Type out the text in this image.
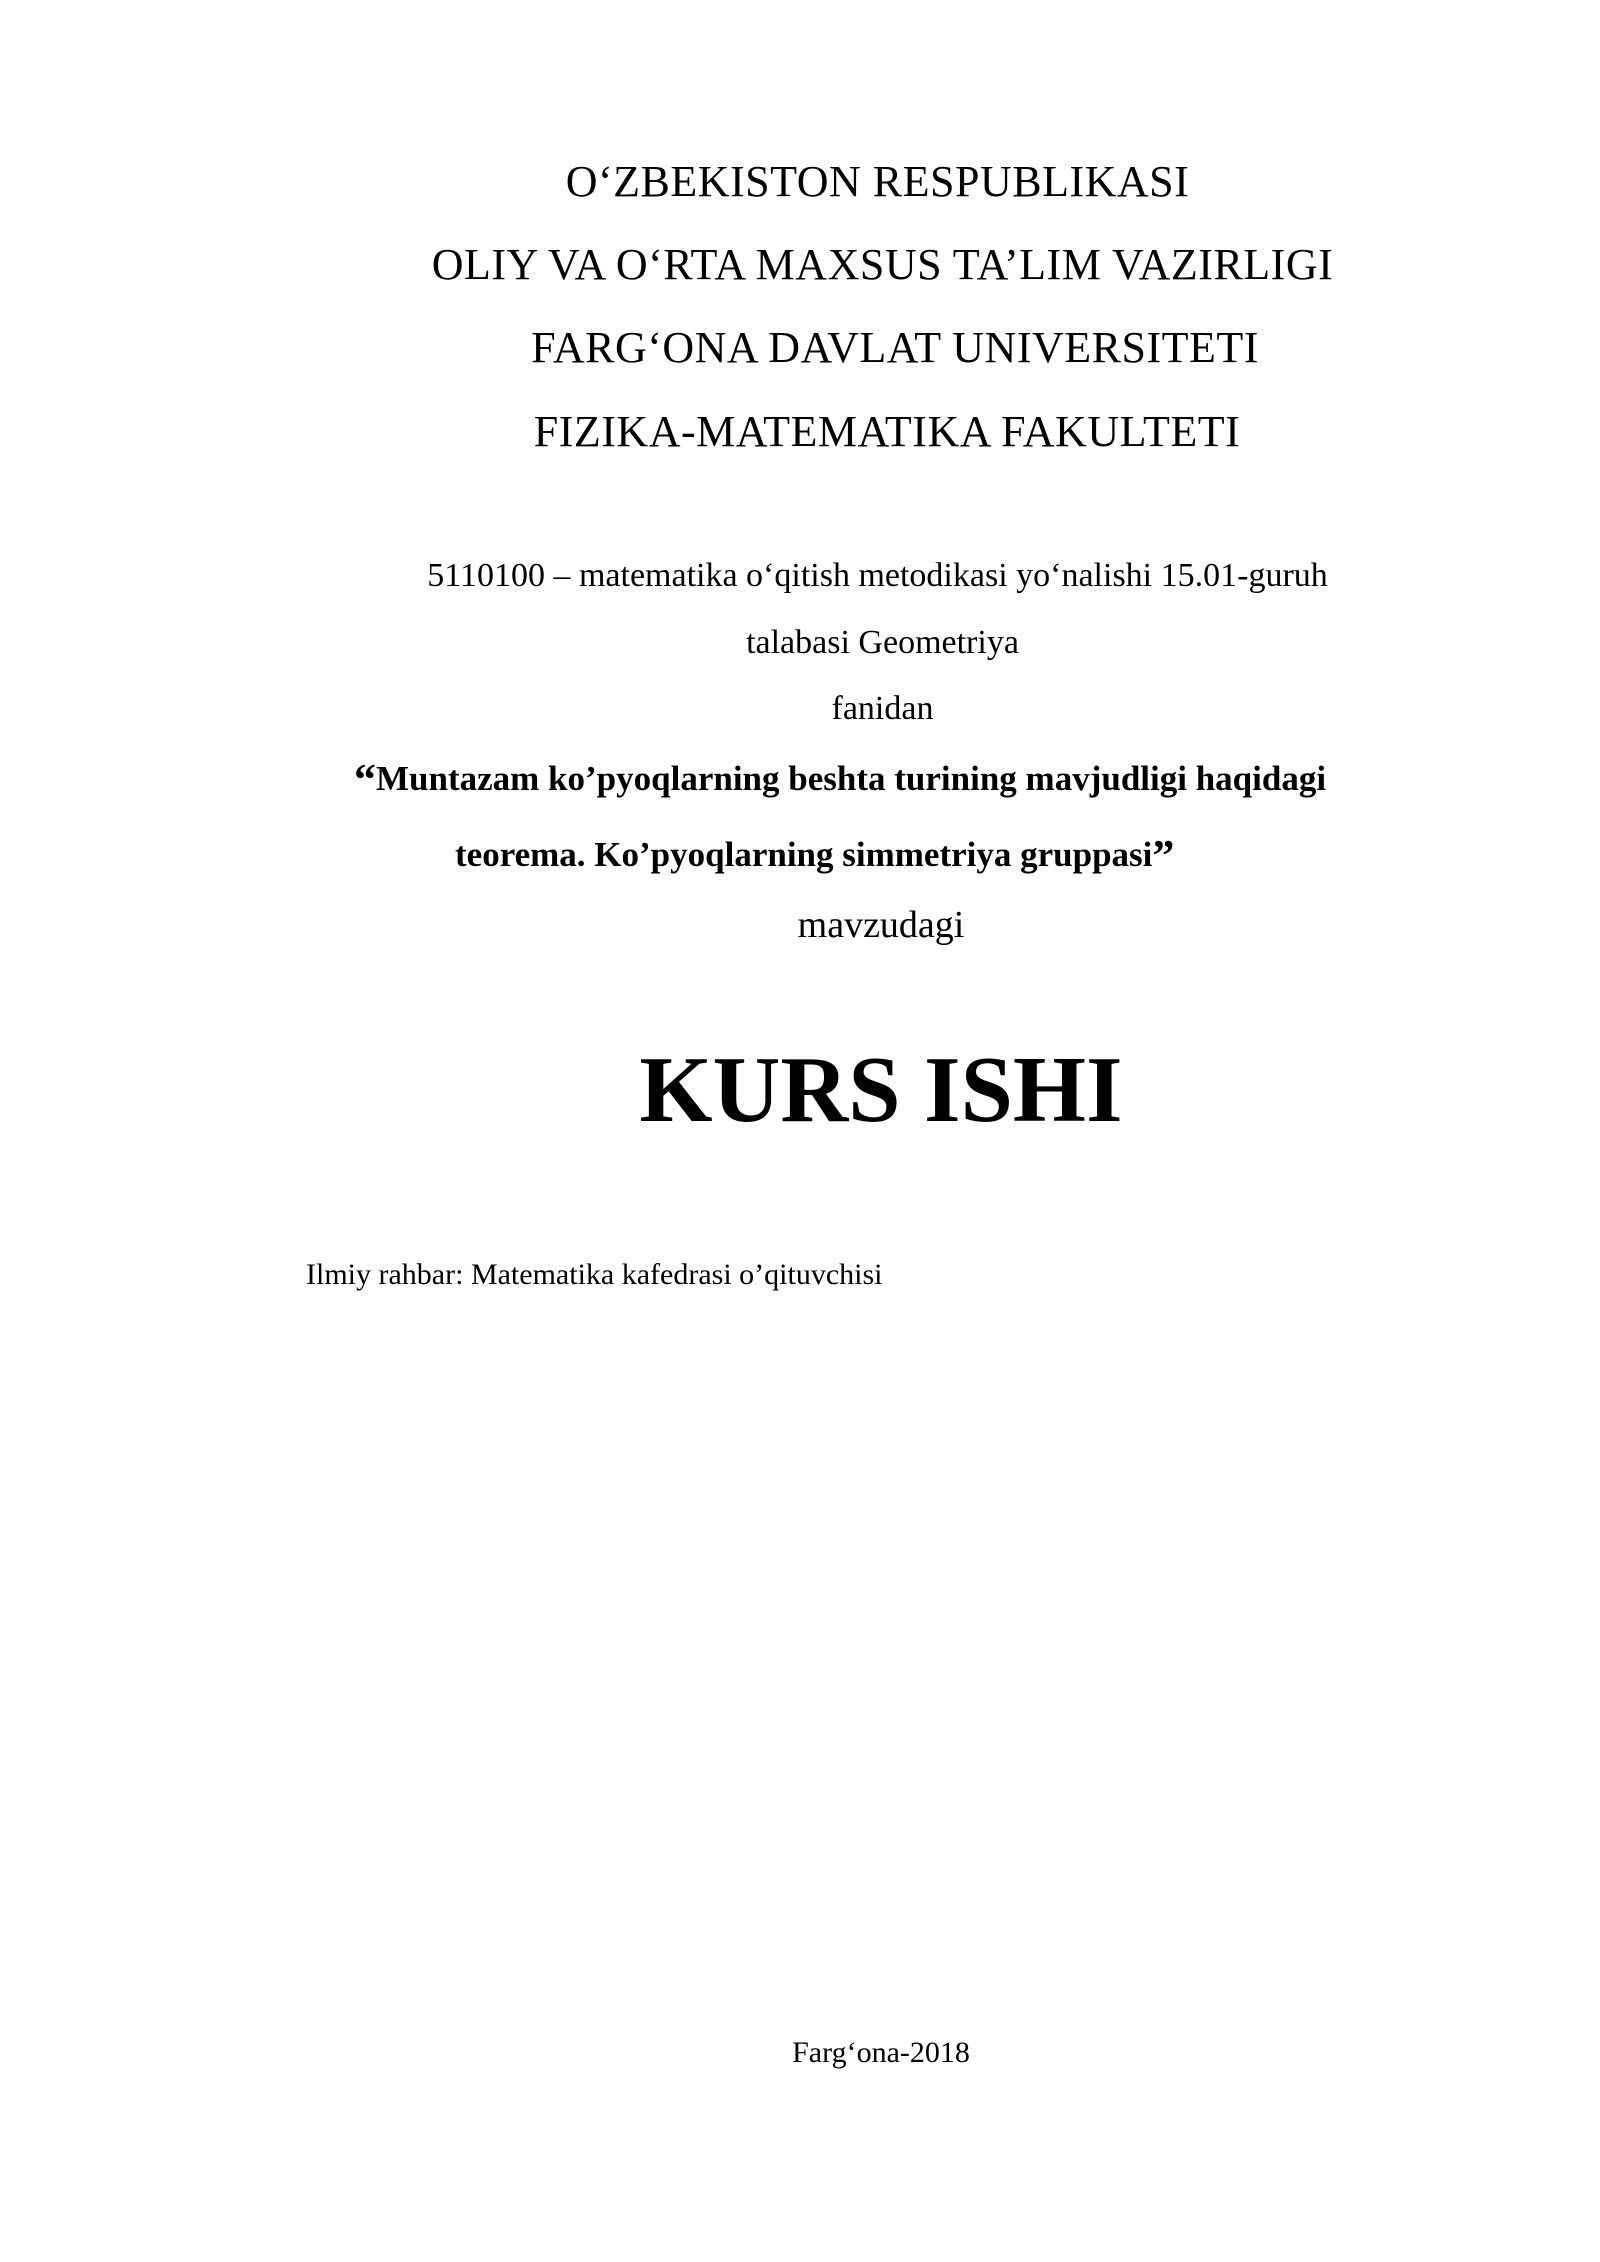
O‘ZBEKISTON RESPUBLIKASI
OLIY VA O‘RTA MAXSUS TA’LIM VAZIRLIGI
FARG‘ONA DAVLAT UNIVERSITETI
FIZIKA-MATEMATIKA FAKULTETI
5110100 – matematika o‘qitish metodikasi yo‘nalishi 15.01-guruh
talabasi Geometriya
fanidan
“Muntazam ko’pyoqlarning beshta turining mavjudligi haqidagi
teorema. Ko’pyoqlarning simmetriya gruppasi”
mavzudagi
KURS ISHI
Ilmiy rahbar: Matematika kafedrasi o’qituvchisi
Farg‘ona-2018
